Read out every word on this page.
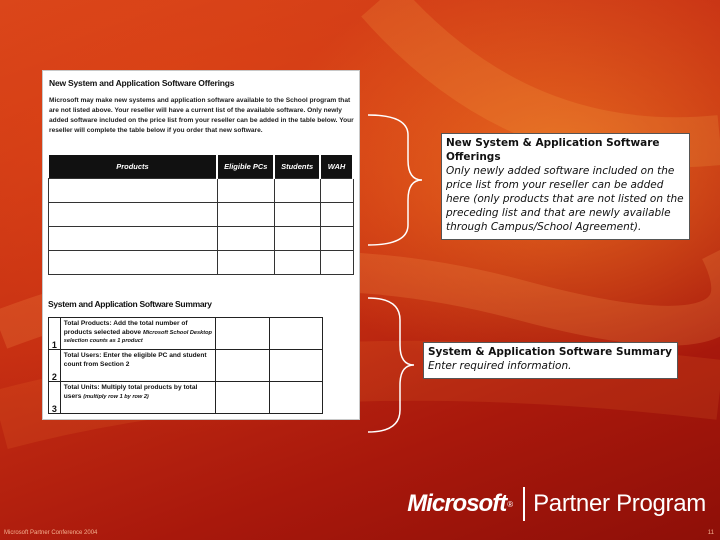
New System and Application Software Offerings
Microsoft may make new systems and application software available to the School program that are not listed above. Your reseller will have a current list of the available software. Only newly added software included on the price list from your reseller can be added in the table below. Your reseller will complete the table below if you order that new software.
Products	Eligible PCs	Students	WAH

System and Application Software Summary
1	Total Products: Add the total number of products selected above Microsoft School Desktop selection counts as 1 product		
2	Total Users: Enter the eligible PC and student count from Section 2		
3	Total Units: Multiply total products by total users (multiply row 1 by row 2)		
New System & Application Software Offerings
Only newly added software included on the price list from your reseller can be added here (only products that are not listed on the preceding list and that are newly available through Campus/School Agreement).
System & Application Software Summary
Enter required information.
Microsoft ® Partner Program
Microsoft Partner Conference 2004	11
